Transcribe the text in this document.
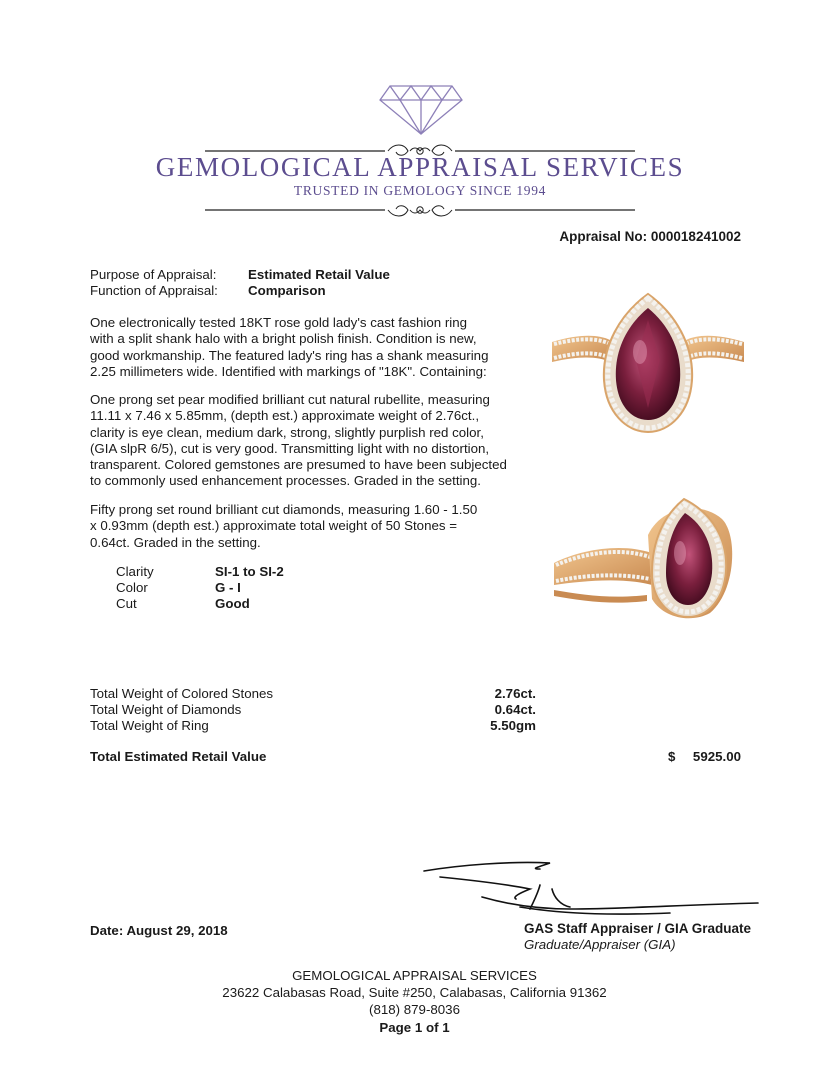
GEMOLOGICAL APPRAISAL SERVICES
TRUSTED IN GEMOLOGY SINCE 1994
Appraisal No: 000018241002
Purpose of Appraisal: Estimated Retail Value
Function of Appraisal: Comparison
One electronically tested 18KT rose gold lady's cast fashion ring
with a split shank halo with a bright polish finish. Condition is new,
good workmanship. The featured lady's ring has a shank measuring
2.25 millimeters wide. Identified with markings of "18K". Containing:
One prong set pear modified brilliant cut natural rubellite, measuring
11.11 x 7.46 x 5.85mm, (depth est.) approximate weight of 2.76ct.,
clarity is eye clean, medium dark, strong, slightly purplish red color,
(GIA slpR 6/5), cut is very good. Transmitting light with no distortion,
transparent. Colored gemstones are presumed to have been subjected
to commonly used enhancement processes. Graded in the setting.
Fifty prong set round brilliant cut diamonds, measuring 1.60 - 1.50
x 0.93mm (depth est.) approximate total weight of 50 Stones =
0.64ct. Graded in the setting.
Clarity	SI-1 to SI-2
Color	G - I
Cut	Good
Total Weight of Colored Stones	2.76ct.
Total Weight of Diamonds	0.64ct.
Total Weight of Ring	5.50gm
Total Estimated Retail Value	$ 5925.00
Date: August 29, 2018	GAS Staff Appraiser / GIA Graduate
Graduate/Appraiser (GIA)
GEMOLOGICAL APPRAISAL SERVICES
23622 Calabasas Road, Suite #250, Calabasas, California 91362
(818) 879-8036
Page 1 of 1
